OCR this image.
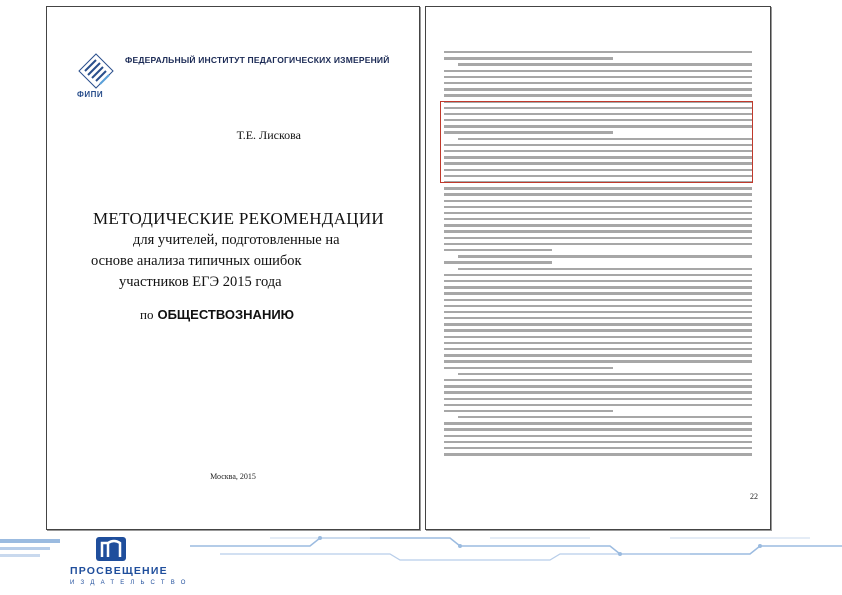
ФИПИ
ФЕДЕРАЛЬНЫЙ ИНСТИТУТ ПЕДАГОГИЧЕСКИХ ИЗМЕРЕНИЙ
Т.Е. Лискова
МЕТОДИЧЕСКИЕ РЕКОМЕНДАЦИИ
для учителей, подготовленные на
основе анализа типичных ошибок
участников ЕГЭ 2015 года
по ОБЩЕСТВОЗНАНИЮ
Москва, 2015
22
ПРОСВЕЩЕНИЕ
ИЗДАТЕЛЬСТВО
